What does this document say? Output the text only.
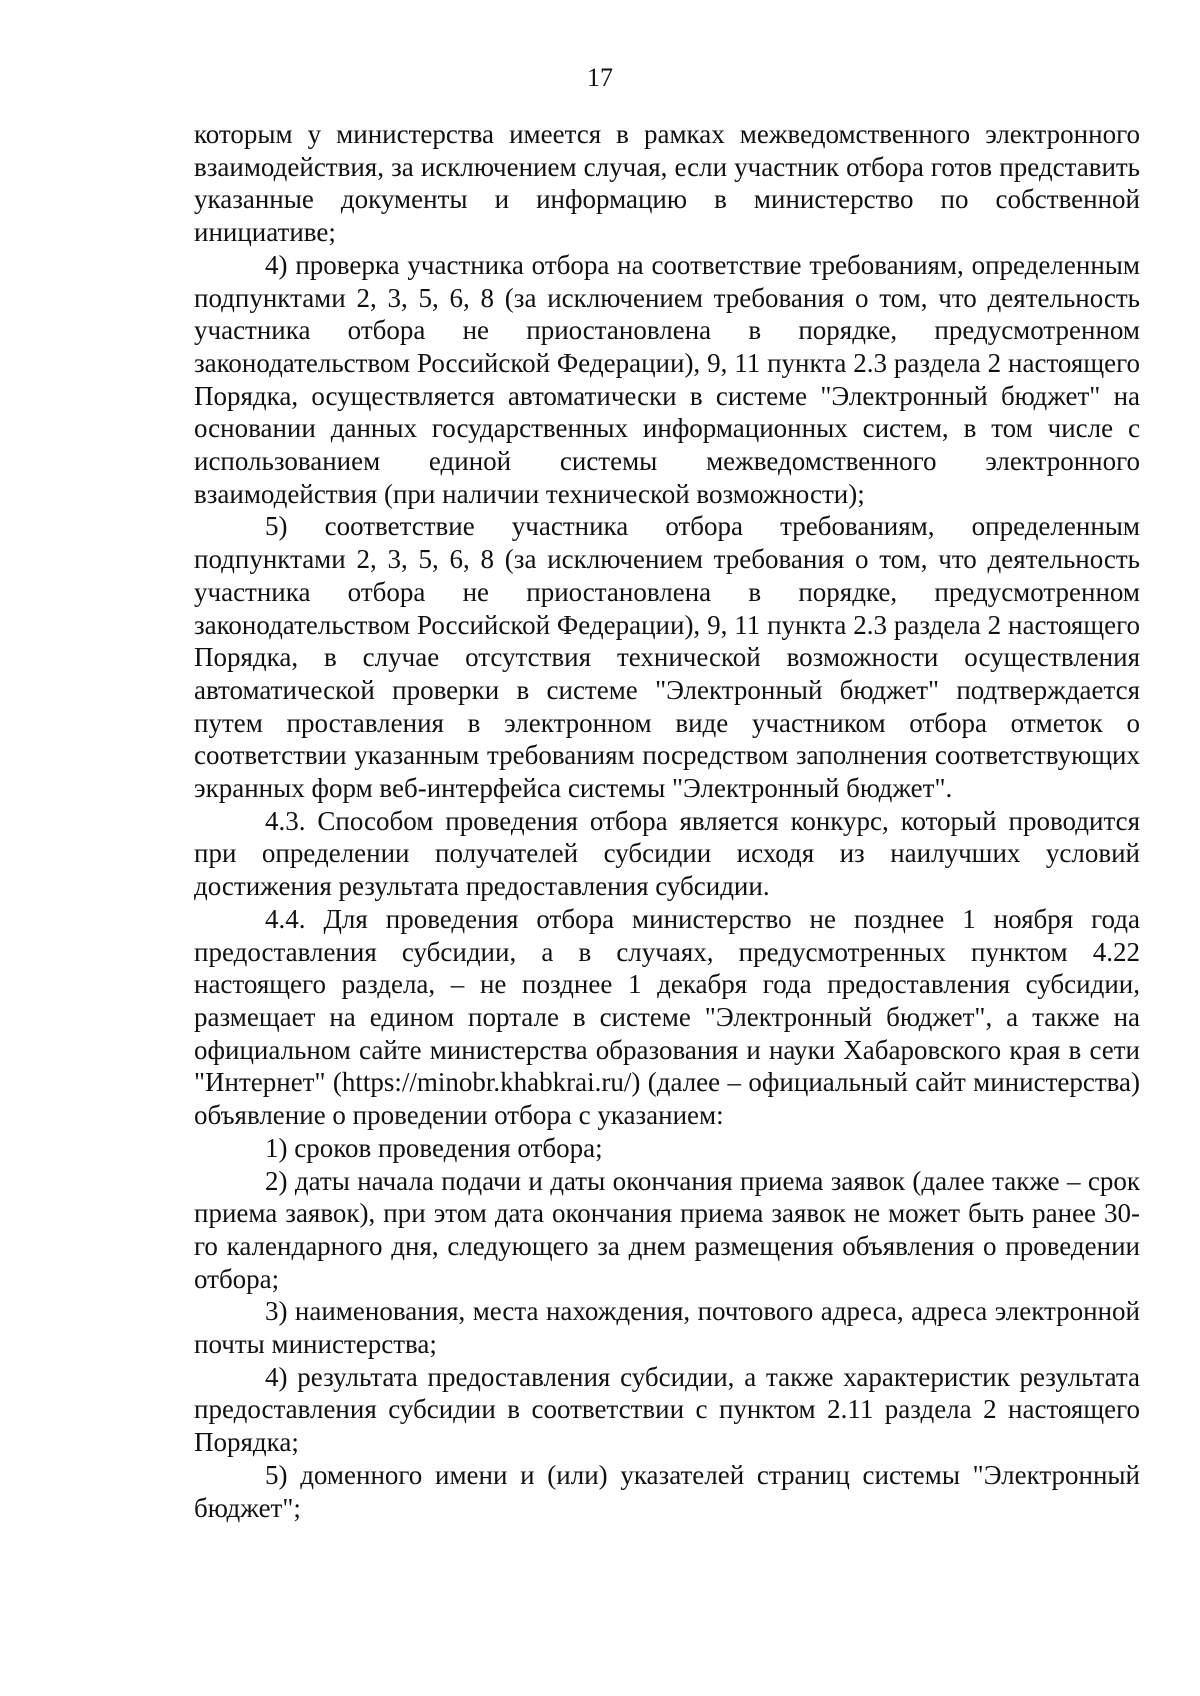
17

которым у министерства имеется в рамках межведомственного электронного взаимодействия, за исключением случая, если участник отбора готов представить указанные документы и информацию в министерство по собственной инициативе;

4) проверка участника отбора на соответствие требованиям, определенным подпунктами 2, 3, 5, 6, 8 (за исключением требования о том, что деятельность участника отбора не приостановлена в порядке, предусмотренном законодательством Российской Федерации), 9, 11 пункта 2.3 раздела 2 настоящего Порядка, осуществляется автоматически в системе "Электронный бюджет" на основании данных государственных информационных систем, в том числе с использованием единой системы межведомственного электронного взаимодействия (при наличии технической возможности);

5) соответствие участника отбора требованиям, определенным подпунктами 2, 3, 5, 6, 8 (за исключением требования о том, что деятельность участника отбора не приостановлена в порядке, предусмотренном законодательством Российской Федерации), 9, 11 пункта 2.3 раздела 2 настоящего Порядка, в случае отсутствия технической возможности осуществления автоматической проверки в системе "Электронный бюджет" подтверждается путем проставления в электронном виде участником отбора отметок о соответствии указанным требованиям посредством заполнения соответствующих экранных форм веб-интерфейса системы "Электронный бюджет".

4.3. Способом проведения отбора является конкурс, который проводится при определении получателей субсидии исходя из наилучших условий достижения результата предоставления субсидии.

4.4. Для проведения отбора министерство не позднее 1 ноября года предоставления субсидии, а в случаях, предусмотренных пунктом 4.22 настоящего раздела, – не позднее 1 декабря года предоставления субсидии, размещает на едином портале в системе "Электронный бюджет", а также на официальном сайте министерства образования и науки Хабаровского края в сети "Интернет" (https://minobr.khabkrai.ru/) (далее – официальный сайт министерства) объявление о проведении отбора с указанием:

1) сроков проведения отбора;

2) даты начала подачи и даты окончания приема заявок (далее также – срок приема заявок), при этом дата окончания приема заявок не может быть ранее 30-го календарного дня, следующего за днем размещения объявления о проведении отбора;

3) наименования, места нахождения, почтового адреса, адреса электронной почты министерства;

4) результата предоставления субсидии, а также характеристик результата предоставления субсидии в соответствии с пунктом 2.11 раздела 2 настоящего Порядка;

5) доменного имени и (или) указателей страниц системы "Электронный бюджет";
